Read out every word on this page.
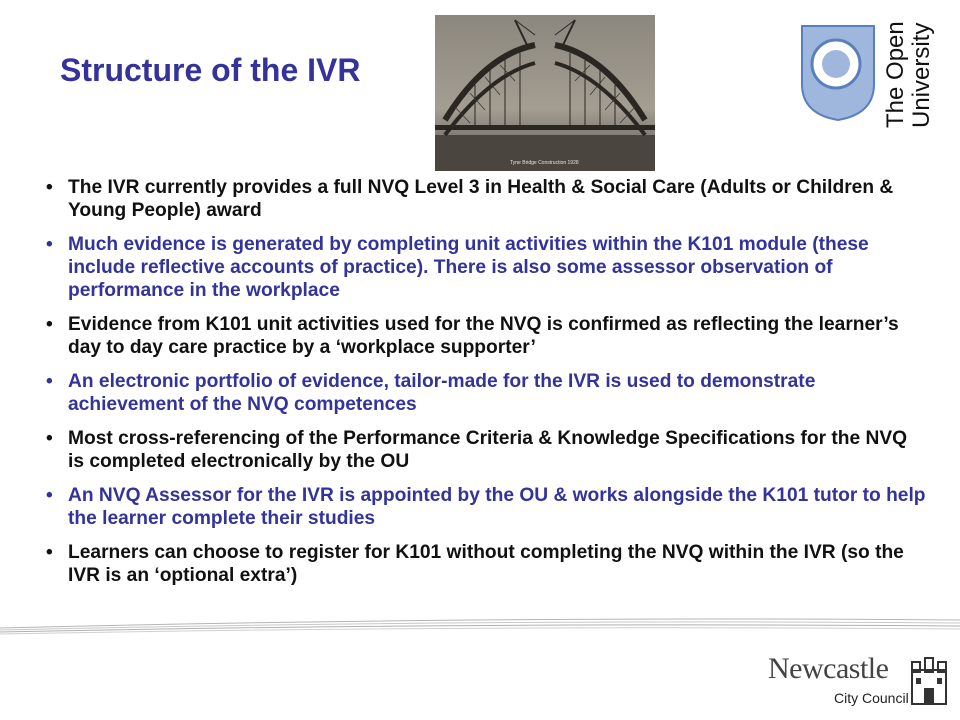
Structure of the IVR
Tyne Bridge Construction 1928
The Open University
• The IVR currently provides a full NVQ Level 3 in Health & Social Care (Adults or Children & Young People) award
• Much evidence is generated by completing unit activities within the K101 module (these include reflective accounts of practice). There is also some assessor observation of performance in the workplace
• Evidence from K101 unit activities used for the NVQ is confirmed as reflecting the learner’s day to day care practice by a ‘workplace supporter’
• An electronic portfolio of evidence, tailor-made for the IVR is used to demonstrate achievement of the NVQ competences
• Most cross-referencing of the Performance Criteria & Knowledge Specifications for the NVQ is completed electronically by the OU
• An NVQ Assessor for the IVR is appointed by the OU & works alongside the K101 tutor to help the learner complete their studies
• Learners can choose to register for K101 without completing the NVQ within the IVR (so the IVR is an ‘optional extra’)
Newcastle
City Council
